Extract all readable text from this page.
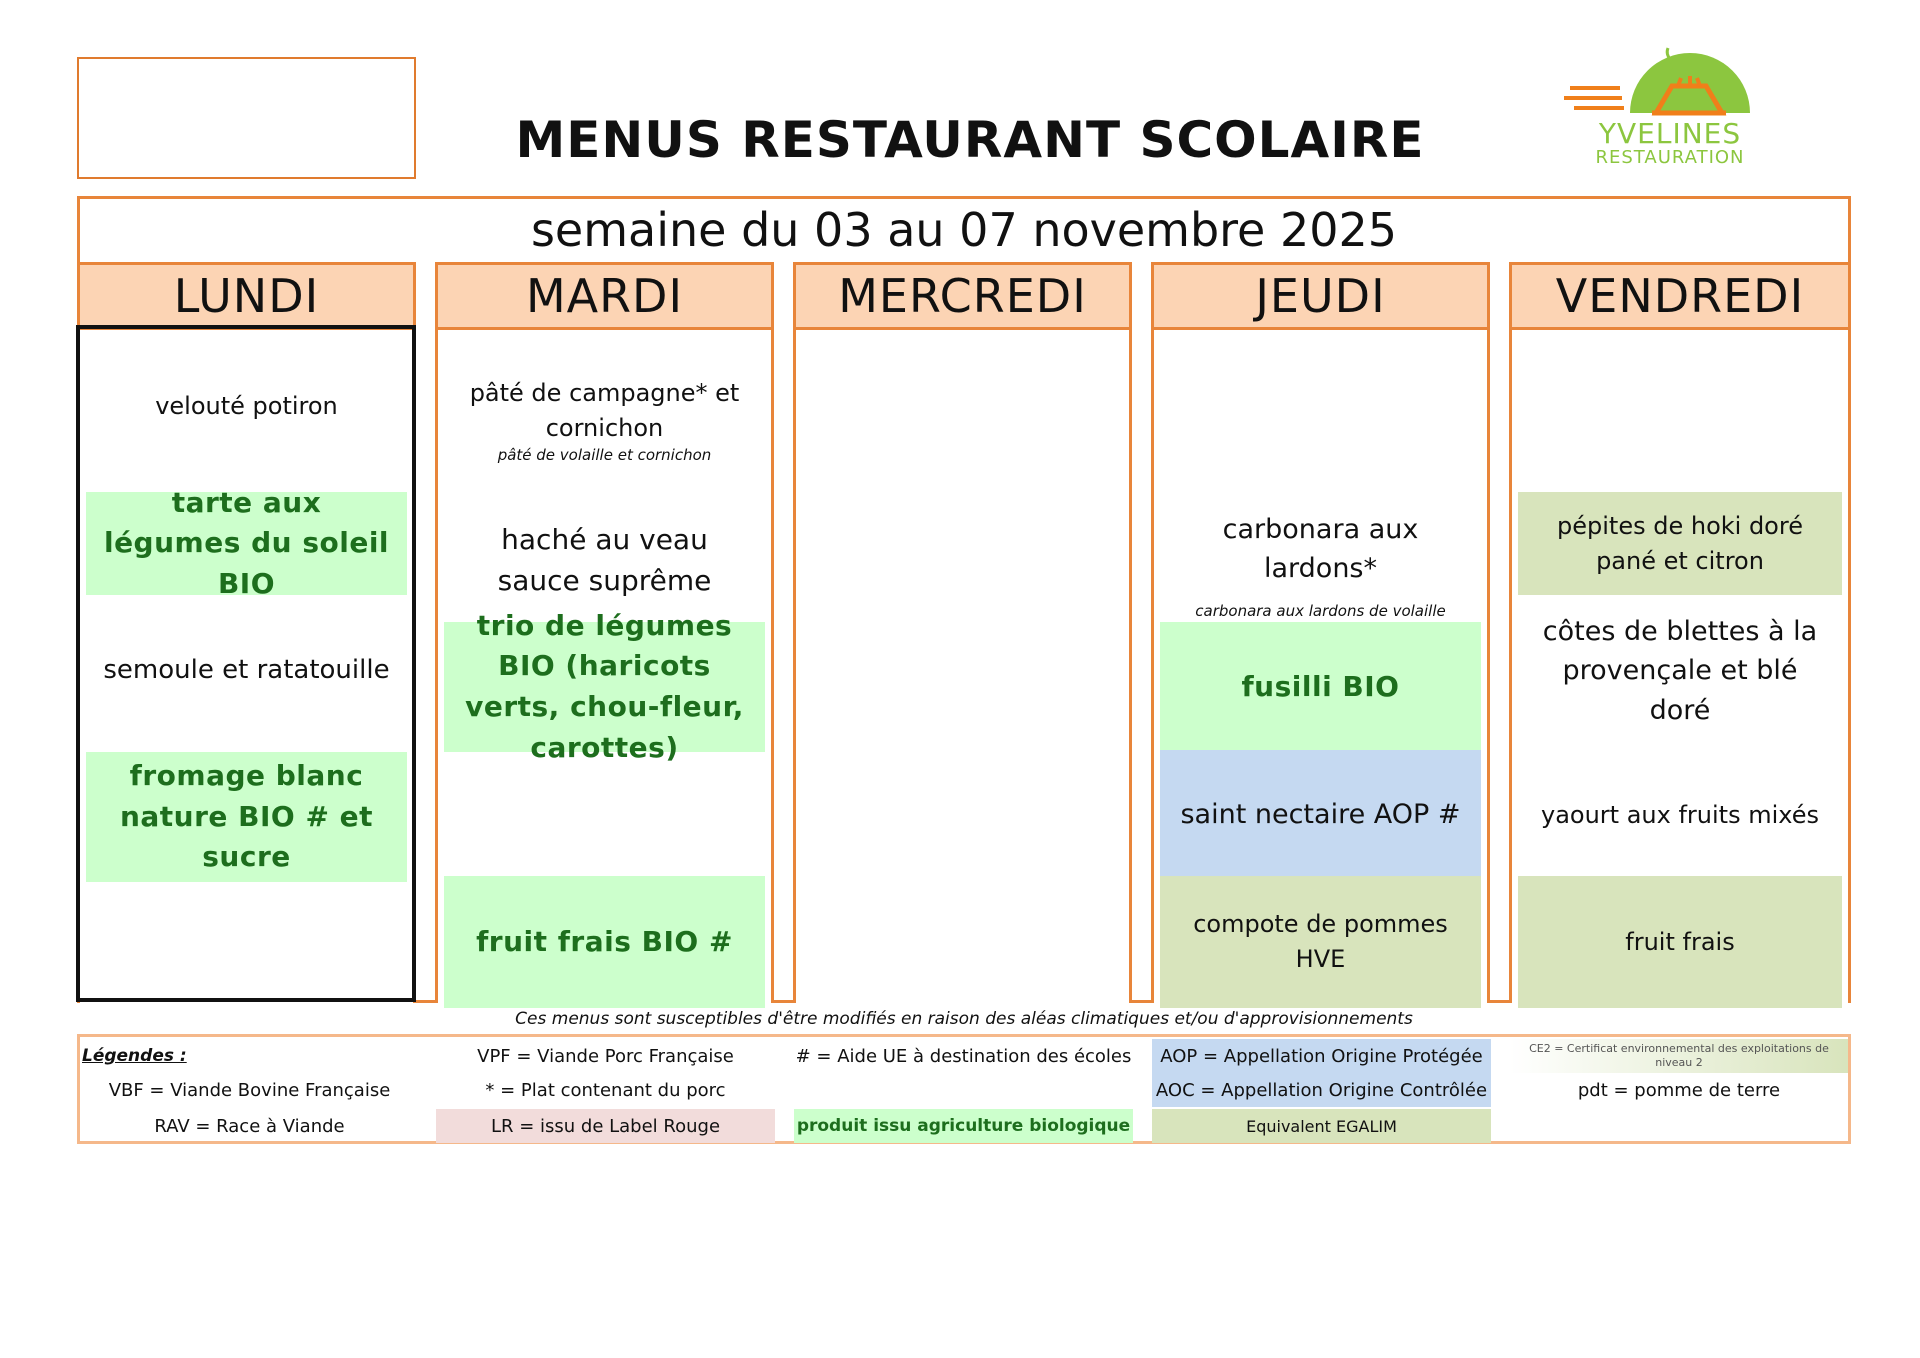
MENUS RESTAURANT SCOLAIRE	YVELINES
RESTAURATION
semaine du 03 au 07 novembre 2025
LUNDI
velouté potiron
tarte aux légumes du soleil BIO
semoule et ratatouille
fromage blanc nature BIO # et sucre
MARDI
pâté de campagne* et cornichon
pâté de volaille et cornichon
haché au veau sauce suprême
trio de légumes BIO (haricots verts, chou-fleur, carottes)
fruit frais BIO #
MERCREDI	JEUDI
carbonara aux lardons*
carbonara aux lardons de volaille
fusilli BIO
saint nectaire AOP #
compote de pommes HVE
VENDREDI
pépites de hoki doré pané et citron
côtes de blettes à la provençale et blé doré
yaourt aux fruits mixés
fruit frais
Ces menus sont susceptibles d'être modifiés en raison des aléas climatiques et/ou d'approvisionnements
Légendes :
VBF = Viande Bovine Française
RAV = Race à Viande
VPF = Viande Porc Française
* = Plat contenant du porc
LR = issu de Label Rouge
# = Aide UE à destination des écoles
produit issu agriculture biologique
AOP = Appellation Origine Protégée
AOC = Appellation Origine Contrôlée
Equivalent EGALIM
CE2 = Certificat environnemental des exploitations de niveau 2
pdt = pomme de terre
